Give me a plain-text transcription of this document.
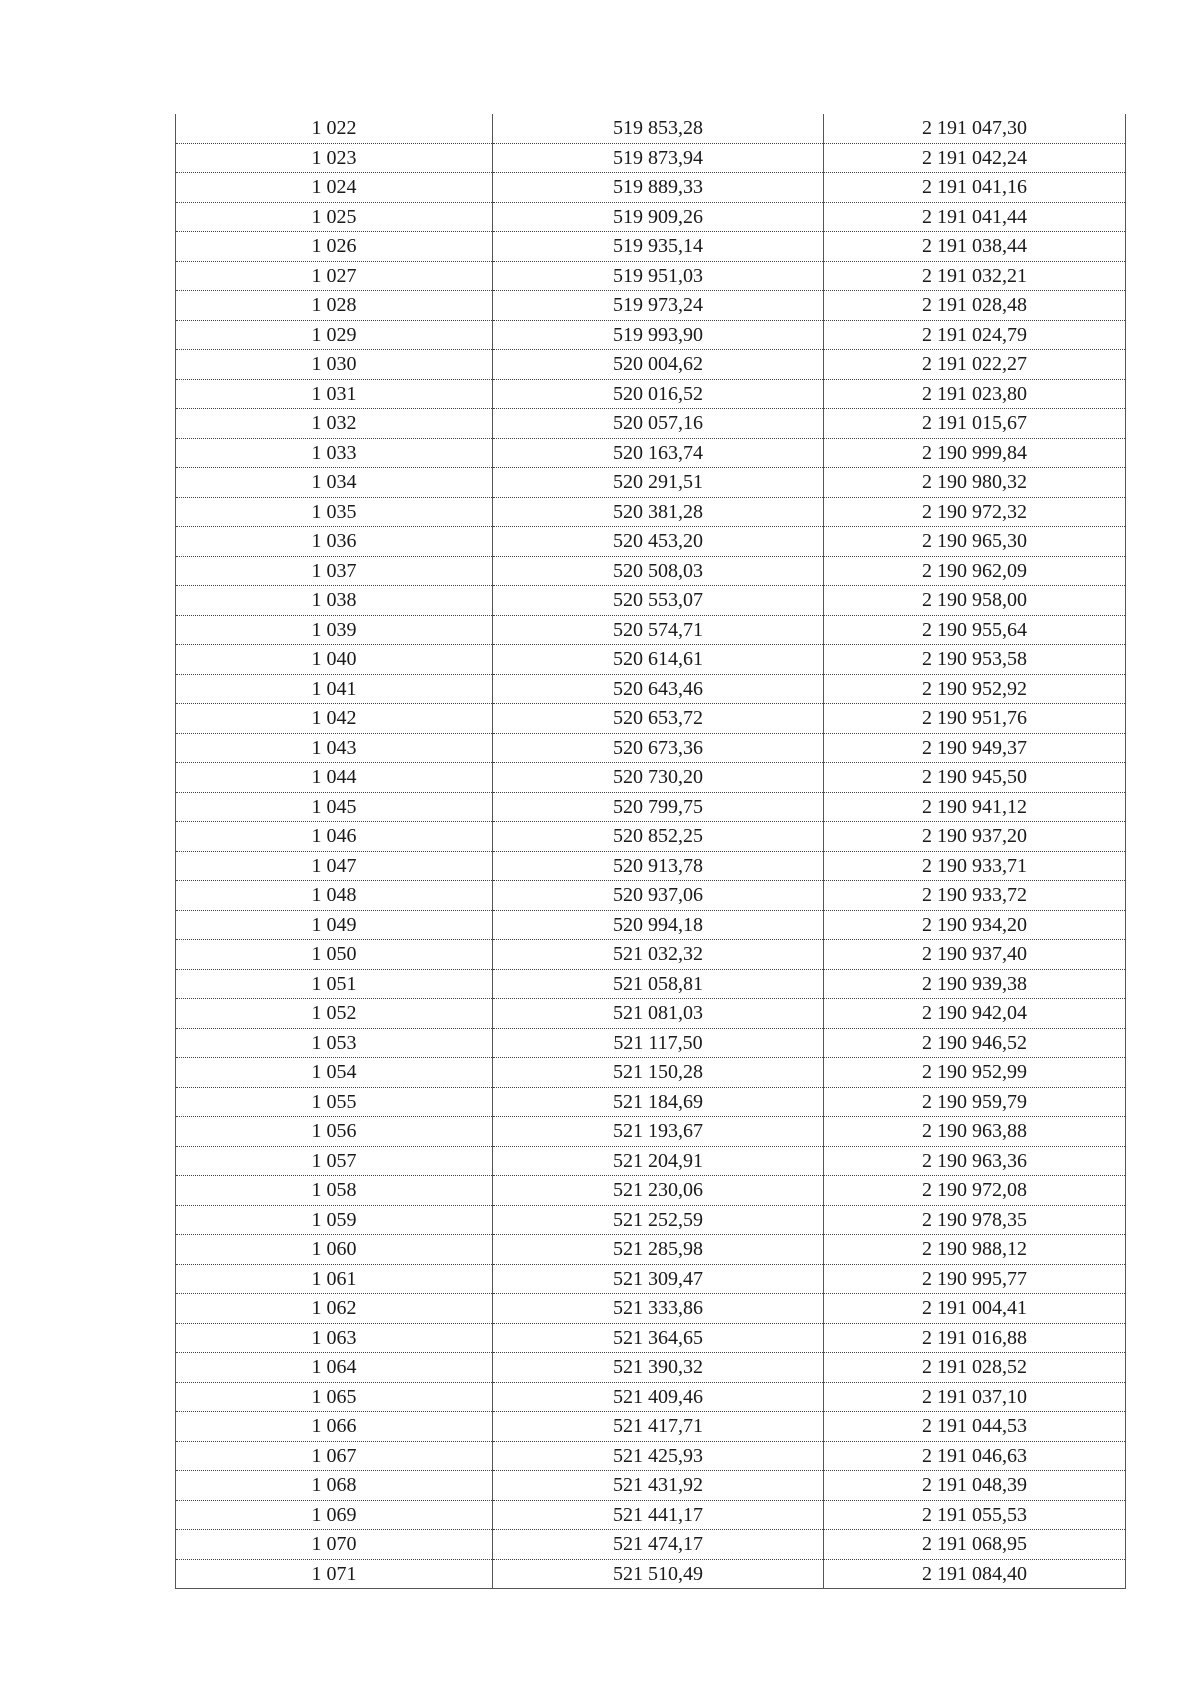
1 022	519 853,28	2 191 047,30
1 023	519 873,94	2 191 042,24
1 024	519 889,33	2 191 041,16
1 025	519 909,26	2 191 041,44
1 026	519 935,14	2 191 038,44
1 027	519 951,03	2 191 032,21
1 028	519 973,24	2 191 028,48
1 029	519 993,90	2 191 024,79
1 030	520 004,62	2 191 022,27
1 031	520 016,52	2 191 023,80
1 032	520 057,16	2 191 015,67
1 033	520 163,74	2 190 999,84
1 034	520 291,51	2 190 980,32
1 035	520 381,28	2 190 972,32
1 036	520 453,20	2 190 965,30
1 037	520 508,03	2 190 962,09
1 038	520 553,07	2 190 958,00
1 039	520 574,71	2 190 955,64
1 040	520 614,61	2 190 953,58
1 041	520 643,46	2 190 952,92
1 042	520 653,72	2 190 951,76
1 043	520 673,36	2 190 949,37
1 044	520 730,20	2 190 945,50
1 045	520 799,75	2 190 941,12
1 046	520 852,25	2 190 937,20
1 047	520 913,78	2 190 933,71
1 048	520 937,06	2 190 933,72
1 049	520 994,18	2 190 934,20
1 050	521 032,32	2 190 937,40
1 051	521 058,81	2 190 939,38
1 052	521 081,03	2 190 942,04
1 053	521 117,50	2 190 946,52
1 054	521 150,28	2 190 952,99
1 055	521 184,69	2 190 959,79
1 056	521 193,67	2 190 963,88
1 057	521 204,91	2 190 963,36
1 058	521 230,06	2 190 972,08
1 059	521 252,59	2 190 978,35
1 060	521 285,98	2 190 988,12
1 061	521 309,47	2 190 995,77
1 062	521 333,86	2 191 004,41
1 063	521 364,65	2 191 016,88
1 064	521 390,32	2 191 028,52
1 065	521 409,46	2 191 037,10
1 066	521 417,71	2 191 044,53
1 067	521 425,93	2 191 046,63
1 068	521 431,92	2 191 048,39
1 069	521 441,17	2 191 055,53
1 070	521 474,17	2 191 068,95
1 071	521 510,49	2 191 084,40
